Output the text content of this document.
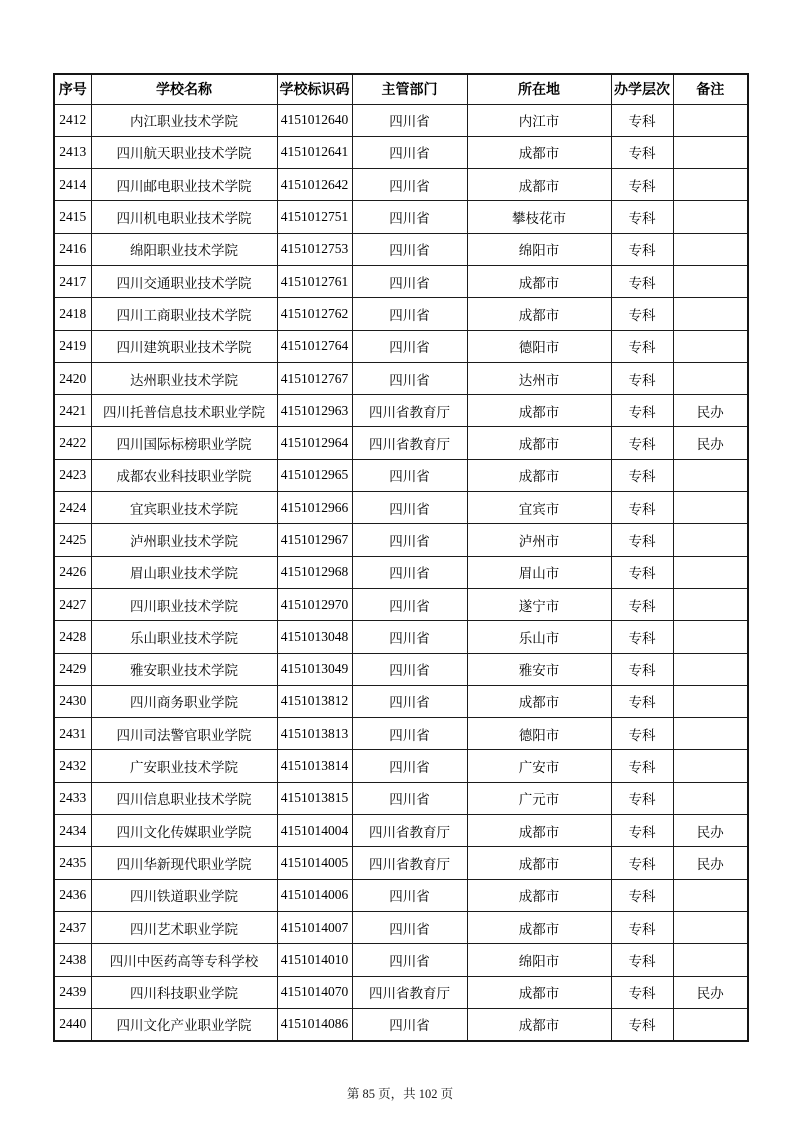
序号	学校名称	学校标识码	主管部门	所在地	办学层次	备注
2412	内江职业技术学院	4151012640	四川省	内江市	专科	
2413	四川航天职业技术学院	4151012641	四川省	成都市	专科	
2414	四川邮电职业技术学院	4151012642	四川省	成都市	专科	
2415	四川机电职业技术学院	4151012751	四川省	攀枝花市	专科	
2416	绵阳职业技术学院	4151012753	四川省	绵阳市	专科	
2417	四川交通职业技术学院	4151012761	四川省	成都市	专科	
2418	四川工商职业技术学院	4151012762	四川省	成都市	专科	
2419	四川建筑职业技术学院	4151012764	四川省	德阳市	专科	
2420	达州职业技术学院	4151012767	四川省	达州市	专科	
2421	四川托普信息技术职业学院	4151012963	四川省教育厅	成都市	专科	民办
2422	四川国际标榜职业学院	4151012964	四川省教育厅	成都市	专科	民办
2423	成都农业科技职业学院	4151012965	四川省	成都市	专科	
2424	宜宾职业技术学院	4151012966	四川省	宜宾市	专科	
2425	泸州职业技术学院	4151012967	四川省	泸州市	专科	
2426	眉山职业技术学院	4151012968	四川省	眉山市	专科	
2427	四川职业技术学院	4151012970	四川省	遂宁市	专科	
2428	乐山职业技术学院	4151013048	四川省	乐山市	专科	
2429	雅安职业技术学院	4151013049	四川省	雅安市	专科	
2430	四川商务职业学院	4151013812	四川省	成都市	专科	
2431	四川司法警官职业学院	4151013813	四川省	德阳市	专科	
2432	广安职业技术学院	4151013814	四川省	广安市	专科	
2433	四川信息职业技术学院	4151013815	四川省	广元市	专科	
2434	四川文化传媒职业学院	4151014004	四川省教育厅	成都市	专科	民办
2435	四川华新现代职业学院	4151014005	四川省教育厅	成都市	专科	民办
2436	四川铁道职业学院	4151014006	四川省	成都市	专科	
2437	四川艺术职业学院	4151014007	四川省	成都市	专科	
2438	四川中医药高等专科学校	4151014010	四川省	绵阳市	专科	
2439	四川科技职业学院	4151014070	四川省教育厅	成都市	专科	民办
2440	四川文化产业职业学院	4151014086	四川省	成都市	专科	
第 85 页，共 102 页
